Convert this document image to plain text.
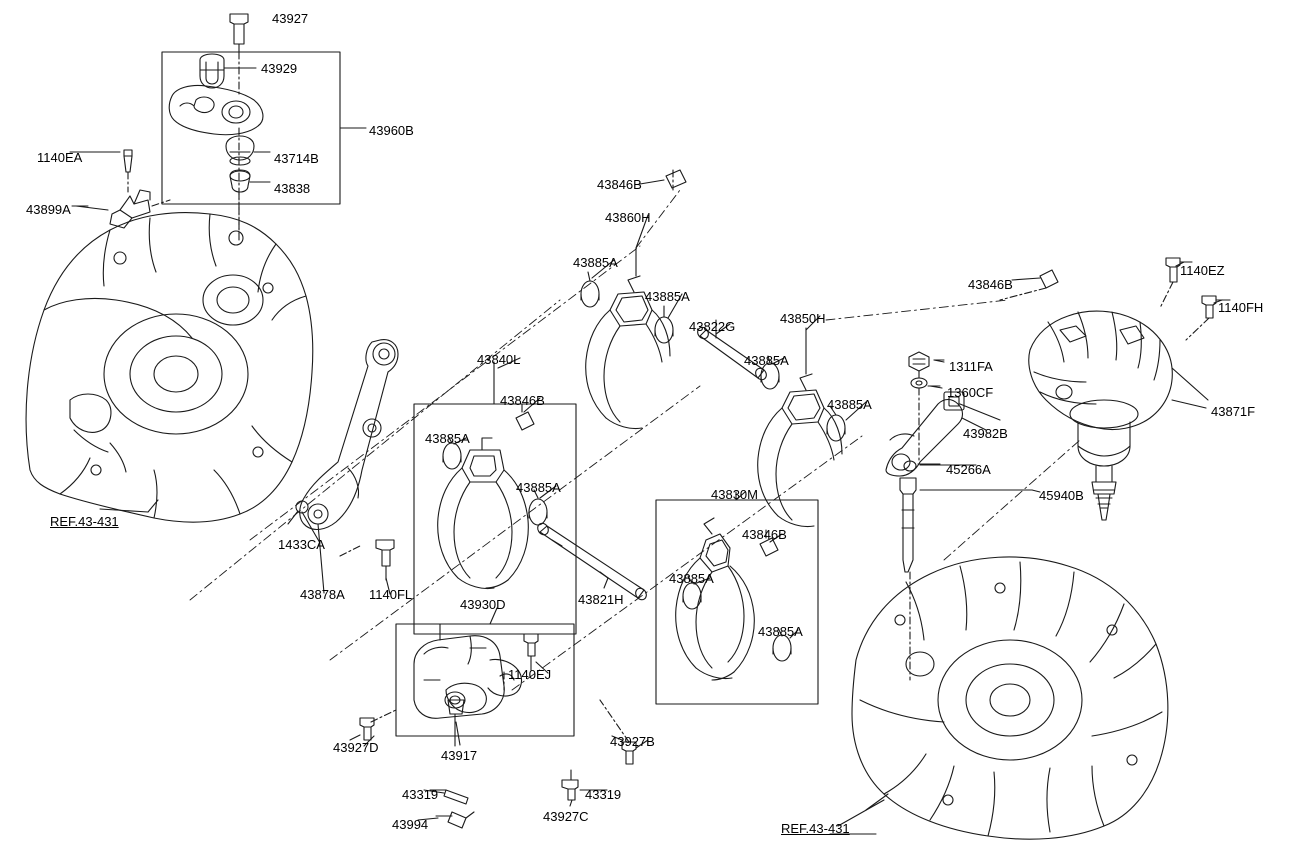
43927
43929
43960B
43714B
43838
1140EA
43899A
43846B
43860H
43885A
43885A
43846B
1140EZ
1140FH
43822G
43850H
43885A
43885A
1311FA
1360CF
43871F
43840L
43846B
43885A
43885A
43982B
45266A
45940B
43830M
43846B
REF.43-431
1433CA
43885A
43885A
43821H
43878A 1140FL
43930D
1140EJ
43927D
43917
43927B
43319	43319
43927C
43994	REF.43-431
